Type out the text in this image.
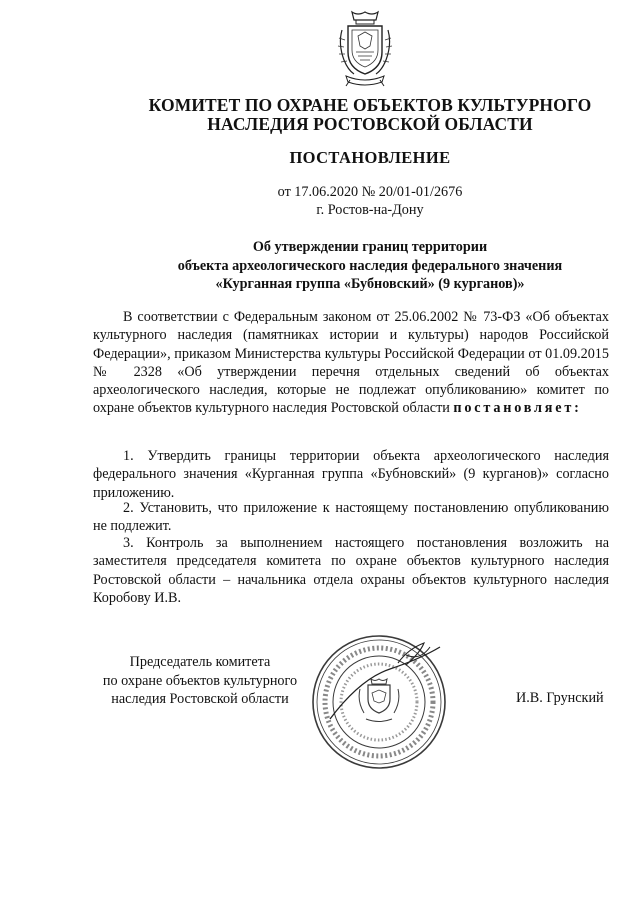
КОМИТЕТ ПО ОХРАНЕ ОБЪЕКТОВ КУЛЬТУРНОГО
НАСЛЕДИЯ РОСТОВСКОЙ ОБЛАСТИ
ПОСТАНОВЛЕНИЕ
от 17.06.2020 № 20/01-01/2676
г. Ростов-на-Дону
Об утверждении границ территории
объекта археологического наследия федерального значения
«Курганная группа «Бубновский» (9 курганов)»
В соответствии с Федеральным законом от 25.06.2002 № 73-ФЗ «Об объектах культурного наследия (памятниках истории и культуры) народов Российской Федерации», приказом Министерства культуры Российской Федерации от 01.09.2015 № 2328 «Об утверждении перечня отдельных сведений об объектах археологического наследия, которые не подлежат опубликованию» комитет по охране объектов культурного наследия Ростовской области постановляет:
1. Утвердить границы территории объекта археологического наследия федерального значения «Курганная группа «Бубновский» (9 курганов)» согласно приложению.
2. Установить, что приложение к настоящему постановлению опубликованию не подлежит.
3. Контроль за выполнением настоящего постановления возложить на заместителя председателя комитета по охране объектов культурного наследия Ростовской области – начальника отдела охраны объектов культурного наследия Коробову И.В.
Председатель комитета
по охране объектов культурного
наследия Ростовской области	И.В. Грунский
